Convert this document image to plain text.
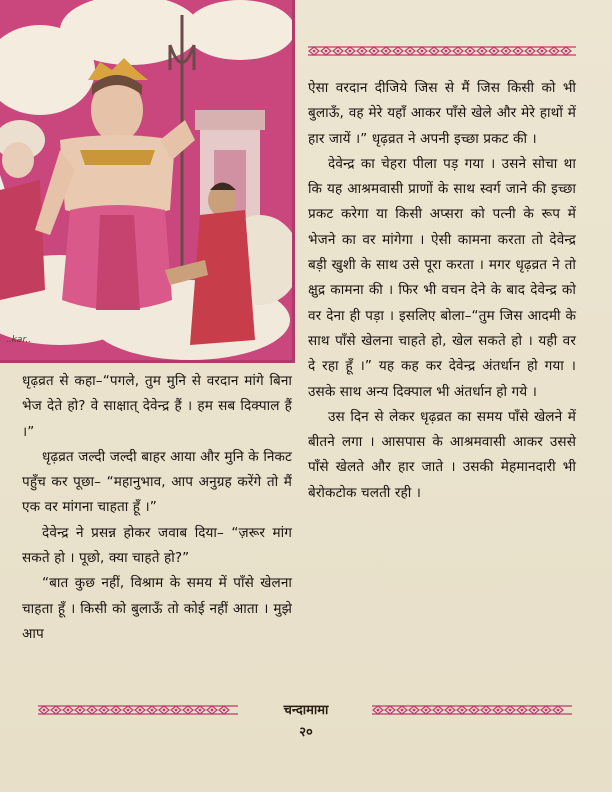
..kar..

ऐसा वरदान दीजिये जिस से मैं जिस किसी को भी बुलाऊँ, वह मेरे यहाँ आकर पाँसे खेले और मेरे हाथों में हार जायें ।” धृढ़व्रत ने अपनी इच्छा प्रकट की ।

देवेन्द्र का चेहरा पीला पड़ गया । उसने सोचा था कि यह आश्रमवासी प्राणों के साथ स्वर्ग जाने की इच्छा प्रकट करेगा या किसी अप्सरा को पत्नी के रूप में भेजने का वर मांगेगा । ऐसी कामना करता तो देवेन्द्र बड़ी खुशी के साथ उसे पूरा करता । मगर धृढ़व्रत ने तो क्षुद्र कामना की । फिर भी वचन देने के बाद देवेन्द्र को वर देना ही पड़ा । इसलिए बोला–“तुम जिस आदमी के साथ पाँसे खेलना चाहते हो, खेल सकते हो । यही वर दे रहा हूँ ।” यह कह कर देवेन्द्र अंतर्धान हो गया । उसके साथ अन्य दिक्पाल भी अंतर्धान हो गये ।

उस दिन से लेकर धृढ़व्रत का समय पाँसे खेलने में बीतने लगा । आसपास के आश्रमवासी आकर उससे पाँसे खेलते और हार जाते । उसकी मेहमानदारी भी बेरोकटोक चलती रही ।

धृढ़व्रत से कहा–“पगले, तुम मुनि से वरदान मांगे बिना भेज देते हो? वे साक्षात् देवेन्द्र हैं । हम सब दिक्पाल हैं ।”

धृढ़व्रत जल्दी जल्दी बाहर आया और मुनि के निकट पहुँच कर पूछा– “महानुभाव, आप अनुग्रह करेंगे तो मैं एक वर मांगना चाहता हूँ ।”

देवेन्द्र ने प्रसन्न होकर जवाब दिया– “ज़रूर मांग सकते हो । पूछो, क्या चाहते हो?”

“बात कुछ नहीं, विश्राम के समय में पाँसे खेलना चाहता हूँ । किसी को बुलाऊँ तो कोई नहीं आता । मुझे आप

चन्दामामा
२०
